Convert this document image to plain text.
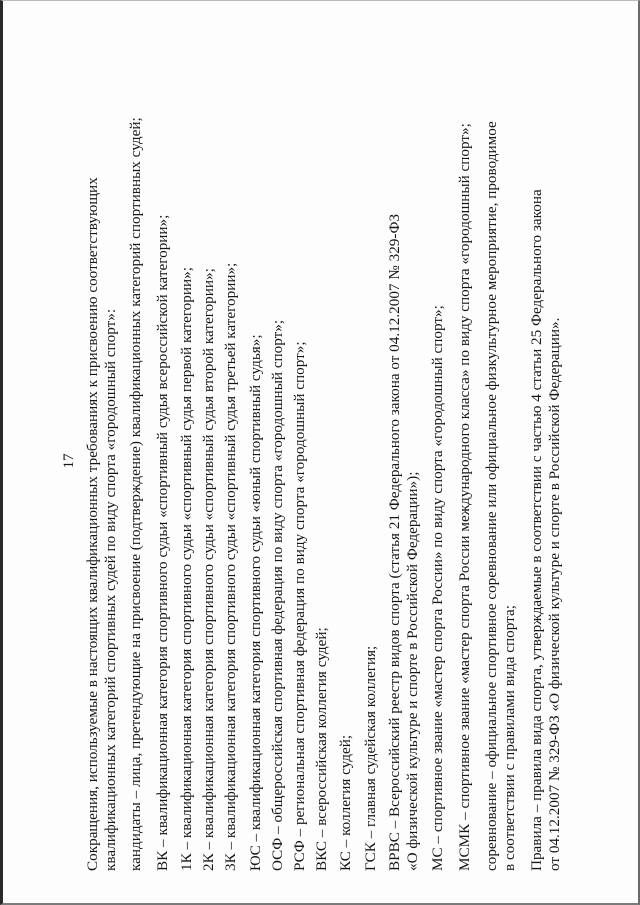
17 Сокращения, используемые в настоящих квалификационных требованиях к присвоению соответствующих квалификационных категорий спортивных судей по виду спорта «городошный спорт»: кандидаты – лица, претендующие на присвоение (подтверждение) квалификационных категорий спортивных судей; ВК – квалификационная категория спортивного судьи «спортивный судья всероссийской категории»; 1К – квалификационная категория спортивного судьи «спортивный судья первой категории»; 2К – квалификационная категория спортивного судьи «спортивный судья второй категории»; 3К – квалификационная категория спортивного судьи «спортивный судья третьей категории»; ЮС – квалификационная категория спортивного судьи «юный спортивный судья»; ОСФ – общероссийская спортивная федерация по виду спорта «городошный спорт»; РСФ – региональная спортивная федерация по виду спорта «городошный спорт»; ВКС – всероссийская коллегия судей; КС – коллегия судей; ГСК – главная судейская коллегия; ВРВС – Всероссийский реестр видов спорта (статья 21 Федерального закона от 04.12.2007 № 329-ФЗ «О физической культуре и спорте в Российской Федерации»); МС – спортивное звание «мастер спорта России» по виду спорта «городошный спорт»; МСМК – спортивное звание «мастер спорта России международного класса» по виду спорта «городошный спорт»; соревнование – официальное спортивное соревнование или официальное физкультурное мероприятие, проводимое в соответствии с правилами вида спорта; Правила – правила вида спорта, утверждаемые в соответствии с частью 4 статьи 25 Федерального закона от 04.12.2007 № 329-ФЗ «О физической культуре и спорте в Российской Федерации».
